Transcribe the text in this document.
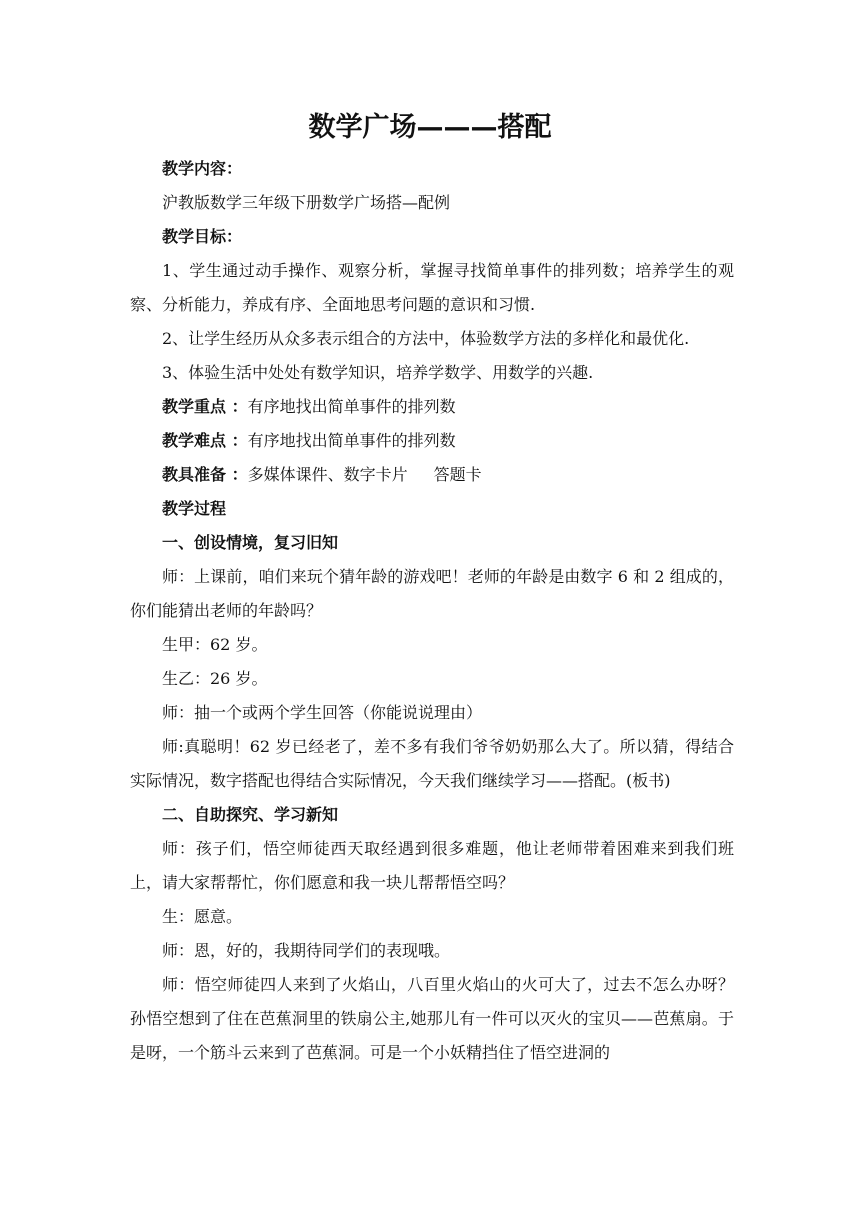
数学广场———搭配

教学内容：

沪教版数学三年级下册数学广场搭—配例

教学目标：

1、学生通过动手操作、观察分析，掌握寻找简单事件的排列数；培养学生的观察、分析能力，养成有序、全面地思考问题的意识和习惯.

2、让学生经历从众多表示组合的方法中，体验数学方法的多样化和最优化.

3、体验生活中处处有数学知识，培养学数学、用数学的兴趣.

教学重点 ：有序地找出简单事件的排列数

教学难点 ：有序地找出简单事件的排列数

教具准备 ：多媒体课件、数字卡片 答题卡

教学过程

一、创设情境，复习旧知

师：上课前，咱们来玩个猜年龄的游戏吧！老师的年龄是由数字 6 和 2 组成的，你们能猜出老师的年龄吗？

生甲：62 岁。

生乙：26 岁。

师：抽一个或两个学生回答（你能说说理由）

师:真聪明！62 岁已经老了，差不多有我们爷爷奶奶那么大了。所以猜，得结合实际情况，数字搭配也得结合实际情况，今天我们继续学习——搭配。(板书)

二、自助探究、学习新知

师：孩子们，悟空师徒西天取经遇到很多难题，他让老师带着困难来到我们班上，请大家帮帮忙，你们愿意和我一块儿帮帮悟空吗？

生：愿意。

师：恩，好的，我期待同学们的表现哦。

师：悟空师徒四人来到了火焰山，八百里火焰山的火可大了，过去不怎么办呀？孙悟空想到了住在芭蕉洞里的铁扇公主,她那儿有一件可以灭火的宝贝——芭蕉扇。于是呀，一个筋斗云来到了芭蕉洞。可是一个小妖精挡住了悟空进洞的
